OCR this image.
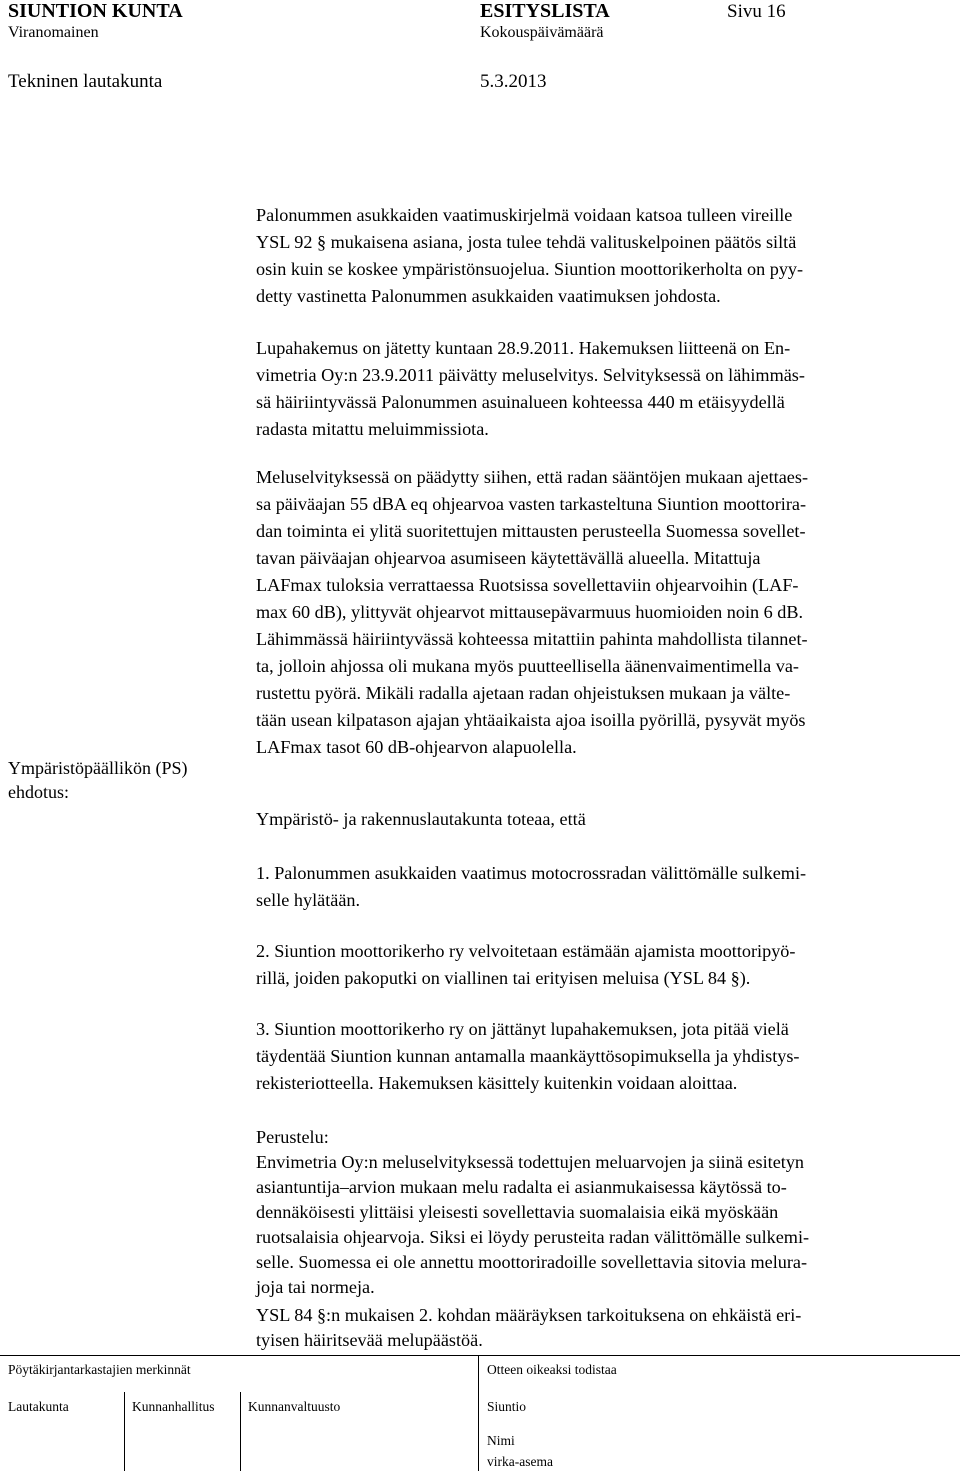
SIUNTION KUNTA	ESITYSLISTA	Sivu 16
Viranomainen	Kokouspäivämäärä
Tekninen lautakunta	5.3.2013
Palonummen asukkaiden vaatimuskirjelmä voidaan katsoa tulleen vireille
YSL 92 § mukaisena asiana, josta tulee tehdä valituskelpoinen päätös siltä
osin kuin se koskee ympäristönsuojelua. Siuntion moottorikerholta on pyy-
detty vastinetta Palonummen asukkaiden vaatimuksen johdosta.
Lupahakemus on jätetty kuntaan 28.9.2011. Hakemuksen liitteenä on En-
vimetria Oy:n 23.9.2011 päivätty meluselvitys. Selvityksessä on lähimmäs-
sä häiriintyvässä Palonummen asuinalueen kohteessa 440 m etäisyydellä
radasta mitattu meluimmissiota.
Meluselvityksessä on päädytty siihen, että radan sääntöjen mukaan ajettaes-
sa päiväajan 55 dBA eq ohjearvoa vasten tarkasteltuna Siuntion moottorira-
dan toiminta ei ylitä suoritettujen mittausten perusteella Suomessa sovellet-
tavan päiväajan ohjearvoa asumiseen käytettävällä alueella. Mitattuja
LAFmax tuloksia verrattaessa Ruotsissa sovellettaviin ohjearvoihin (LAF-
max 60 dB), ylittyvät ohjearvot mittausepävarmuus huomioiden noin 6 dB.
Lähimmässä häiriintyvässä kohteessa mitattiin pahinta mahdollista tilannet-
ta, jolloin ahjossa oli mukana myös puutteellisella äänenvaimentimella va-
rustettu pyörä. Mikäli radalla ajetaan radan ohjeistuksen mukaan ja välte-
tään usean kilpatason ajajan yhtäaikaista ajoa isoilla pyörillä, pysyvät myös
LAFmax tasot 60 dB-ohjearvon alapuolella.
Ympäristöpäällikön (PS)
ehdotus:
Ympäristö- ja rakennuslautakunta toteaa, että
1. Palonummen asukkaiden vaatimus motocrossradan välittömälle sulkemi-
selle hylätään.
2. Siuntion moottorikerho ry velvoitetaan estämään ajamista moottoripyö-
rillä, joiden pakoputki on viallinen tai erityisen meluisa (YSL 84 §).
3. Siuntion moottorikerho ry on jättänyt lupahakemuksen, jota pitää vielä
täydentää Siuntion kunnan antamalla maankäyttösopimuksella ja yhdistys-
rekisteriotteella. Hakemuksen käsittely kuitenkin voidaan aloittaa.
Perustelu:
Envimetria Oy:n meluselvityksessä todettujen meluarvojen ja siinä esitetyn
asiantuntija–arvion mukaan melu radalta ei asianmukaisessa käytössä to-
dennäköisesti ylittäisi yleisesti sovellettavia suomalaisia eikä myöskään
ruotsalaisia ohjearvoja. Siksi ei löydy perusteita radan välittömälle sulkemi-
selle. Suomessa ei ole annettu moottoriradoille sovellettavia sitovia melura-
joja tai normeja.
YSL 84 §:n mukaisen 2. kohdan määräyksen tarkoituksena on ehkäistä eri-
tyisen häiritsevää melupäästöä.
Pöytäkirjantarkastajien merkinnät
Lautakunta	Kunnanhallitus Kunnanvaltuusto
Otteen oikeaksi todistaa
Siuntio
Nimi
virka-asema
